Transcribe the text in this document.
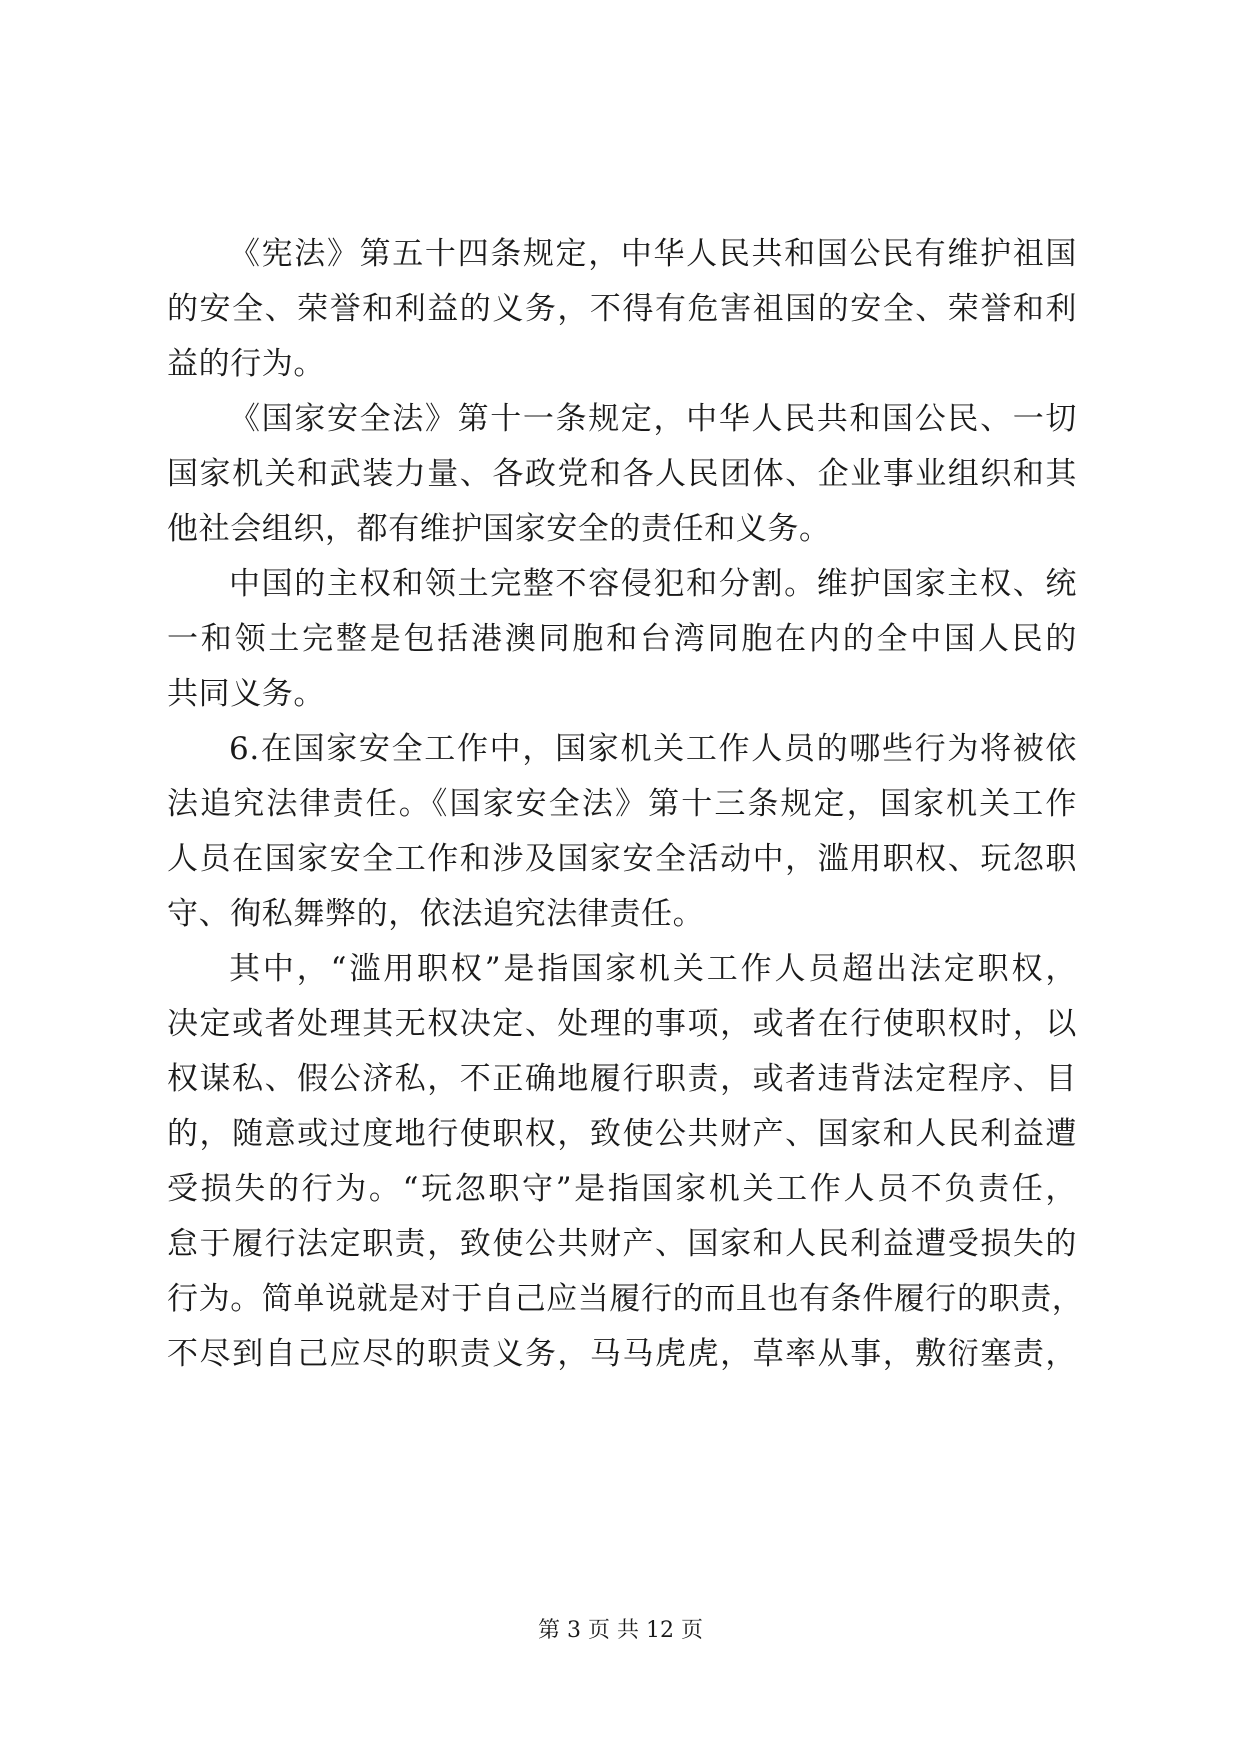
《宪法》第五十四条规定，中华人民共和国公民有维护祖国
的安全、荣誉和利益的义务，不得有危害祖国的安全、荣誉和利
益的行为。
《国家安全法》第十一条规定，中华人民共和国公民、一切
国家机关和武装力量、各政党和各人民团体、企业事业组织和其
他社会组织，都有维护国家安全的责任和义务。
中国的主权和领土完整不容侵犯和分割。维护国家主权、统
一和领土完整是包括港澳同胞和台湾同胞在内的全中国人民的
共同义务。
6.在国家安全工作中，国家机关工作人员的哪些行为将被依
法追究法律责任。《国家安全法》第十三条规定，国家机关工作
人员在国家安全工作和涉及国家安全活动中，滥用职权、玩忽职
守、徇私舞弊的，依法追究法律责任。
其中，“滥用职权”是指国家机关工作人员超出法定职权，
决定或者处理其无权决定、处理的事项，或者在行使职权时，以
权谋私、假公济私，不正确地履行职责，或者违背法定程序、目
的，随意或过度地行使职权，致使公共财产、国家和人民利益遭
受损失的行为。“玩忽职守”是指国家机关工作人员不负责任，
怠于履行法定职责，致使公共财产、国家和人民利益遭受损失的
行为。简单说就是对于自己应当履行的而且也有条件履行的职责，
不尽到自己应尽的职责义务，马马虎虎，草率从事，敷衍塞责，
第 3 页 共 12 页
